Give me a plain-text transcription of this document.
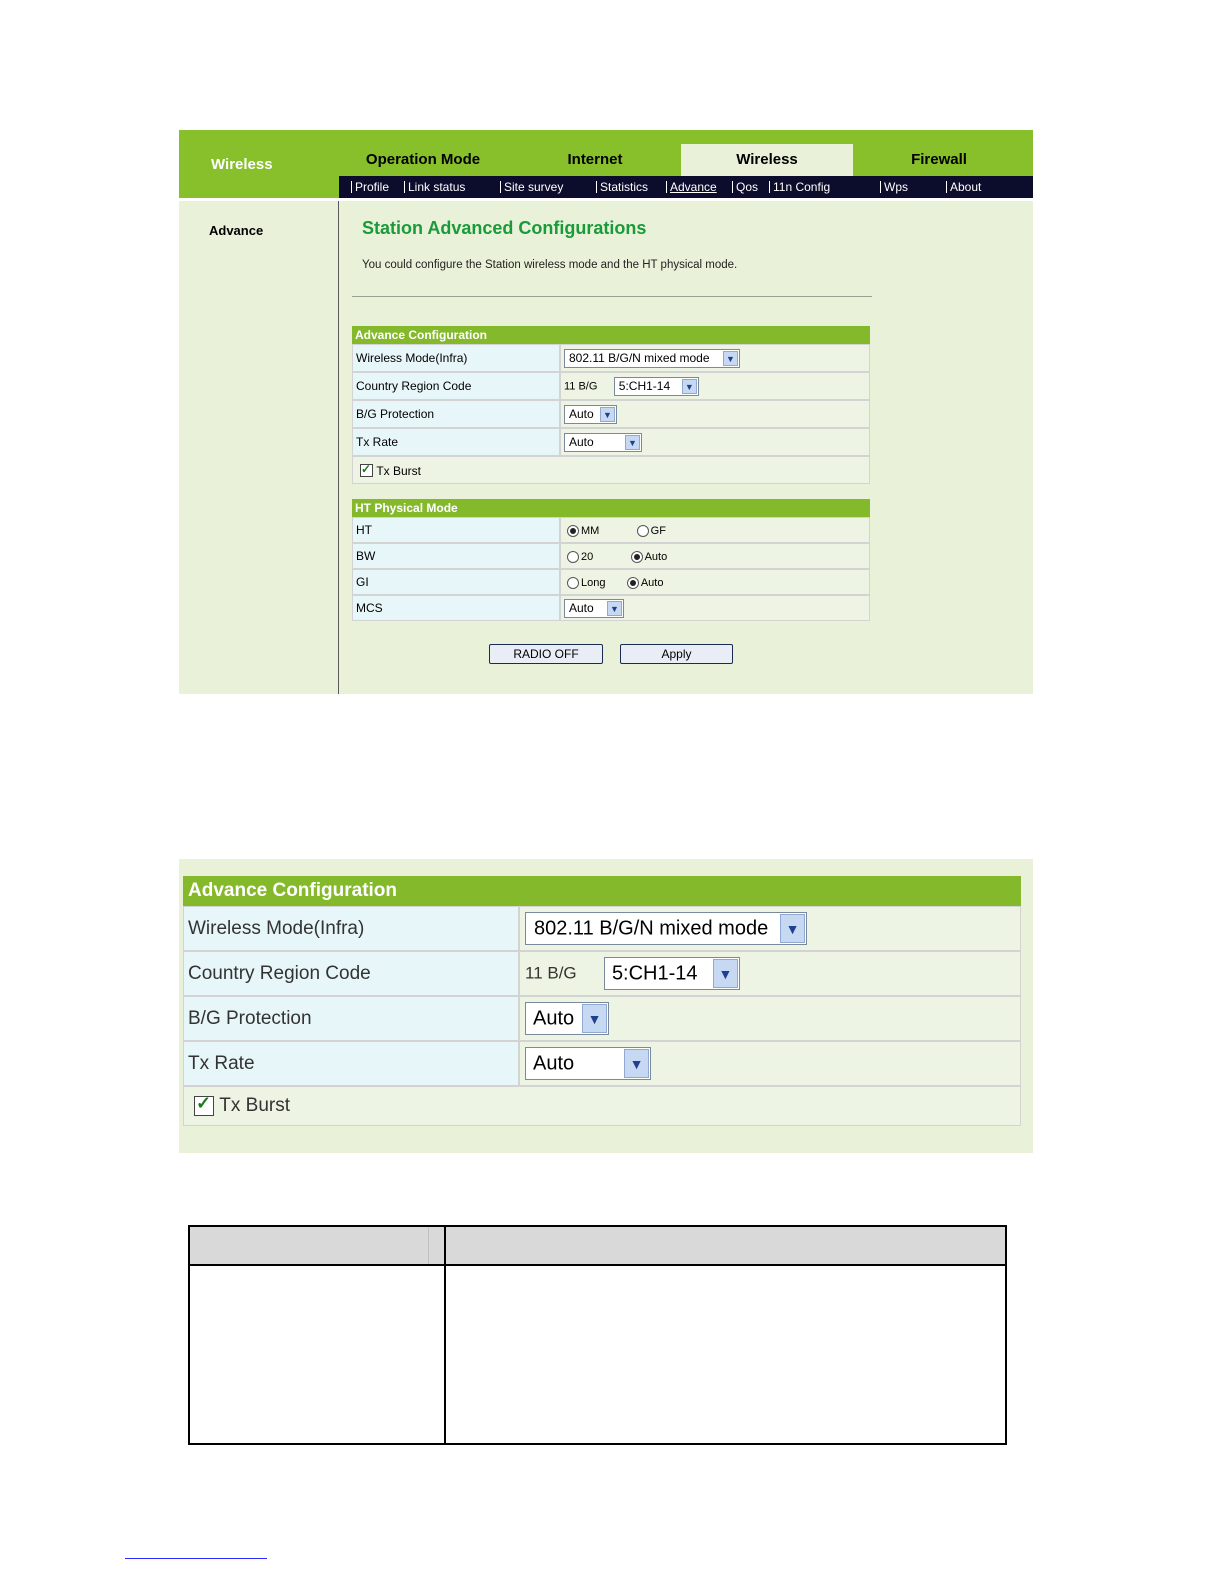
Wireless	Operation Mode	Internet	Wireless	Firewall
Profile Link status	Site survey	Statistics Advance Qos 11n Config	Wps	About
Advance	Station Advanced Configurations
You could configure the Station wireless mode and the HT physical mode.
Advance Configuration	
Wireless Mode(Infra)	802.11 B/G/N mixed mode ▼

Country Region Code	11 B/G 5:CH1-14 ▼

B/G Protection	Auto ▼

Tx Rate	Auto ▼

✓ Tx Burst
HT Physical Mode	
HT	MM GF
BW	20 Auto
GI	Long Auto
MCS	Auto ▼
RADIO OFF	Apply
Advance Configuration	
Wireless Mode(Infra)	802.11 B/G/N mixed mode ▼

Country Region Code	11 B/G 5:CH1-14 ▼

B/G Protection	Auto ▼

Tx Rate	Auto ▼

✓ Tx Burst
